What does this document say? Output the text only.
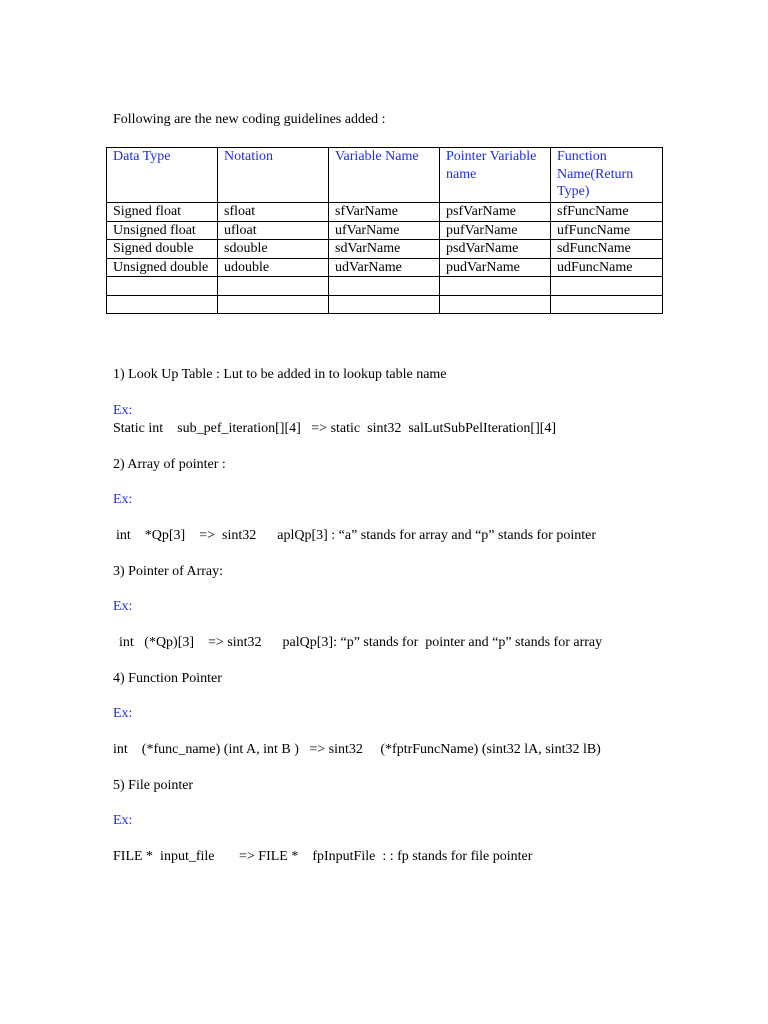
Following are the new coding guidelines added :
Data Type	Notation	Variable Name	Pointer Variable name	Function Name(Return Type)
Signed float	sfloat	sfVarName	psfVarName	sfFuncName
Unsigned float	ufloat	ufVarName	pufVarName	ufFuncName
Signed double	sdouble	sdVarName	psdVarName	sdFuncName
Unsigned double	udouble	udVarName	pudVarName	udFuncName

1) Look Up Table : Lut to be added in to lookup table name
Ex:
Static int    sub_pef_iteration[][4]   => static  sint32  salLutSubPelIteration[][4]
2) Array of pointer :
Ex:
int    *Qp[3]    =>  sint32      aplQp[3] : “a” stands for array and “p” stands for pointer
3) Pointer of Array:
Ex:
int   (*Qp)[3]    => sint32      palQp[3]: “p” stands for  pointer and “p” stands for array
4) Function Pointer
Ex:
int    (*func_name) (int A, int B )   => sint32     (*fptrFuncName) (sint32 lA, sint32 lB)
5) File pointer
Ex:
FILE *  input_file       => FILE *    fpInputFile  : : fp stands for file pointer
